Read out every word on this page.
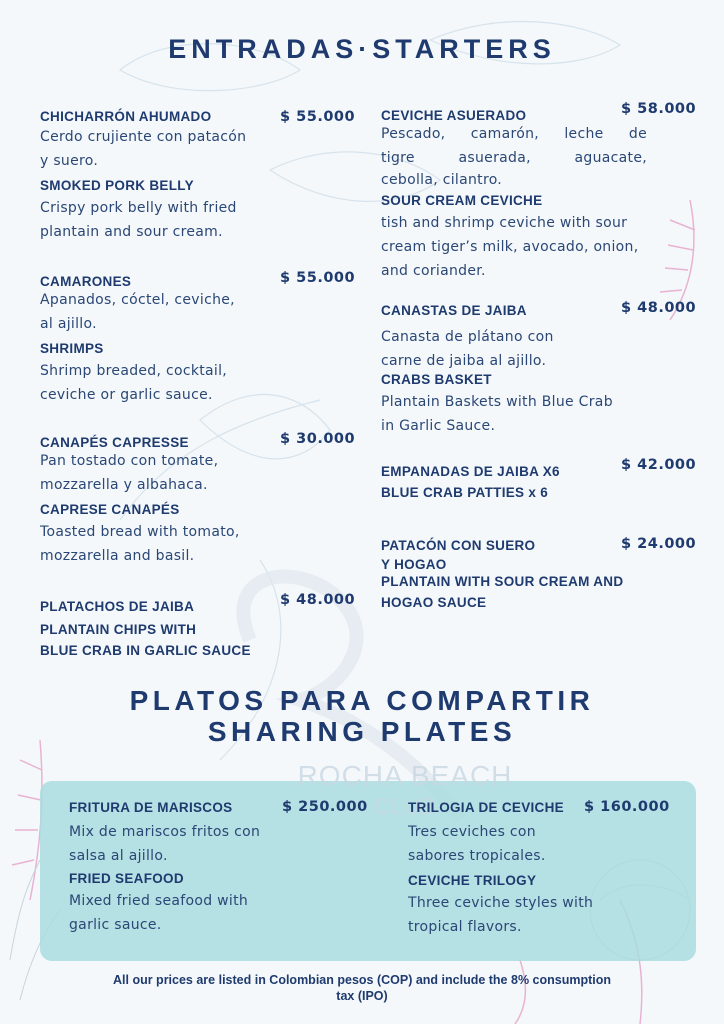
ENTRADAS·STARTERS
CHICHARRÓN AHUMADO
Cerdo crujiente con patacón
y suero.
SMOKED PORK BELLY
Crispy pork belly with fried
plantain and sour cream.
$ 55.000
CAMARONES
Apanados, cóctel, ceviche,
al ajillo.
SHRIMPS
Shrimp breaded, cocktail,
ceviche or garlic sauce.
$ 55.000
CANAPÉS CAPRESSE
Pan tostado con tomate,
mozzarella y albahaca.
CAPRESE CANAPÉS
Toasted bread with tomato,
mozzarella and basil.
$ 30.000
PLATACHOS DE JAIBA
PLANTAIN CHIPS WITH
BLUE CRAB IN GARLIC SAUCE
$ 48.000
CEVICHE ASUERADO
Pescado, camarón, leche de
tigre asuerada, aguacate,
cebolla, cilantro.
SOUR CREAM CEVICHE
tish and shrimp ceviche with sour
cream tiger’s milk, avocado, onion,
and coriander.
$ 58.000
CANASTAS DE JAIBA
Canasta de plátano con
carne de jaiba al ajillo.
CRABS BASKET
Plantain Baskets with Blue Crab
in Garlic Sauce.
$ 48.000
EMPANADAS DE JAIBA X6
BLUE CRAB PATTIES x 6
$ 42.000
PATACÓN CON SUERO
Y HOGAO
PLANTAIN WITH SOUR CREAM AND
HOGAO SAUCE
$ 24.000
PLATOS PARA COMPARTIR
SHARING PLATES
ROCHA BEACH
CLUB
FRITURA DE MARISCOS
Mix de mariscos fritos con
salsa al ajillo.
FRIED SEAFOOD
Mixed fried seafood with
garlic sauce.
$ 250.000	TRILOGIA DE CEVICHE
Tres ceviches con
sabores tropicales.
CEVICHE TRILOGY
Three ceviche styles with
tropical flavors.
$ 160.000
All our prices are listed in Colombian pesos (COP) and include the 8% consumption
tax (IPO)
